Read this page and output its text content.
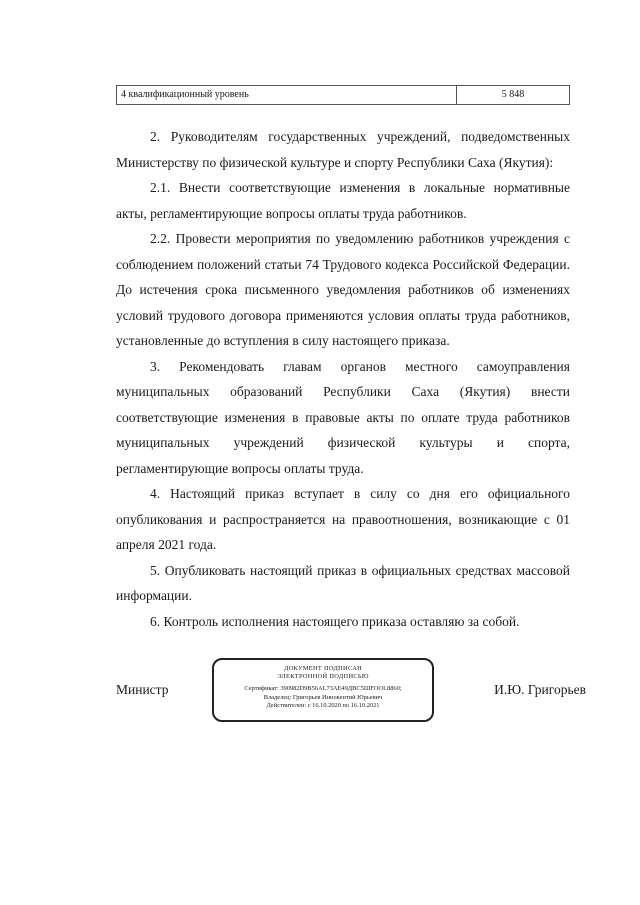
4 квалификационный уровень	5 848

2. Руководителям государственных учреждений, подведомственных Министерству по физической культуре и спорту Республики Саха (Якутия):

2.1. Внести соответствующие изменения в локальные нормативные акты, регламентирующие вопросы оплаты труда работников.

2.2. Провести мероприятия по уведомлению работников учреждения с соблюдением положений статьи 74 Трудового кодекса Российской Федерации. До истечения срока письменного уведомления работников об изменениях условий трудового договора применяются условия оплаты труда работников, установленные до вступления в силу настоящего приказа.

3. Рекомендовать главам органов местного самоуправления муниципальных образований Республики Саха (Якутия) внести соответствующие изменения в правовые акты по оплате труда работников муниципальных учреждений физической культуры и спорта, регламентирующие вопросы оплаты труда.

4. Настоящий приказ вступает в силу со дня его официального опубликования и распространяется на правоотношения, возникающие с 01 апреля 2021 года.

5. Опубликовать настоящий приказ в официальных средствах массовой информации.

6. Контроль исполнения настоящего приказа оставляю за собой.

Министр
ДОКУМЕНТ ПОДПИСАН
ЭЛЕКТРОННОЙ ПОДПИСЬЮ
Сертификат: 390982D9B56AL73AE49ДВС5ШFOOL8860;
Владелец: Григорьев Иннокентий Юрьевич
Действителен: с 16.10.2020 по 16.10.2021
И.Ю. Григорьев
